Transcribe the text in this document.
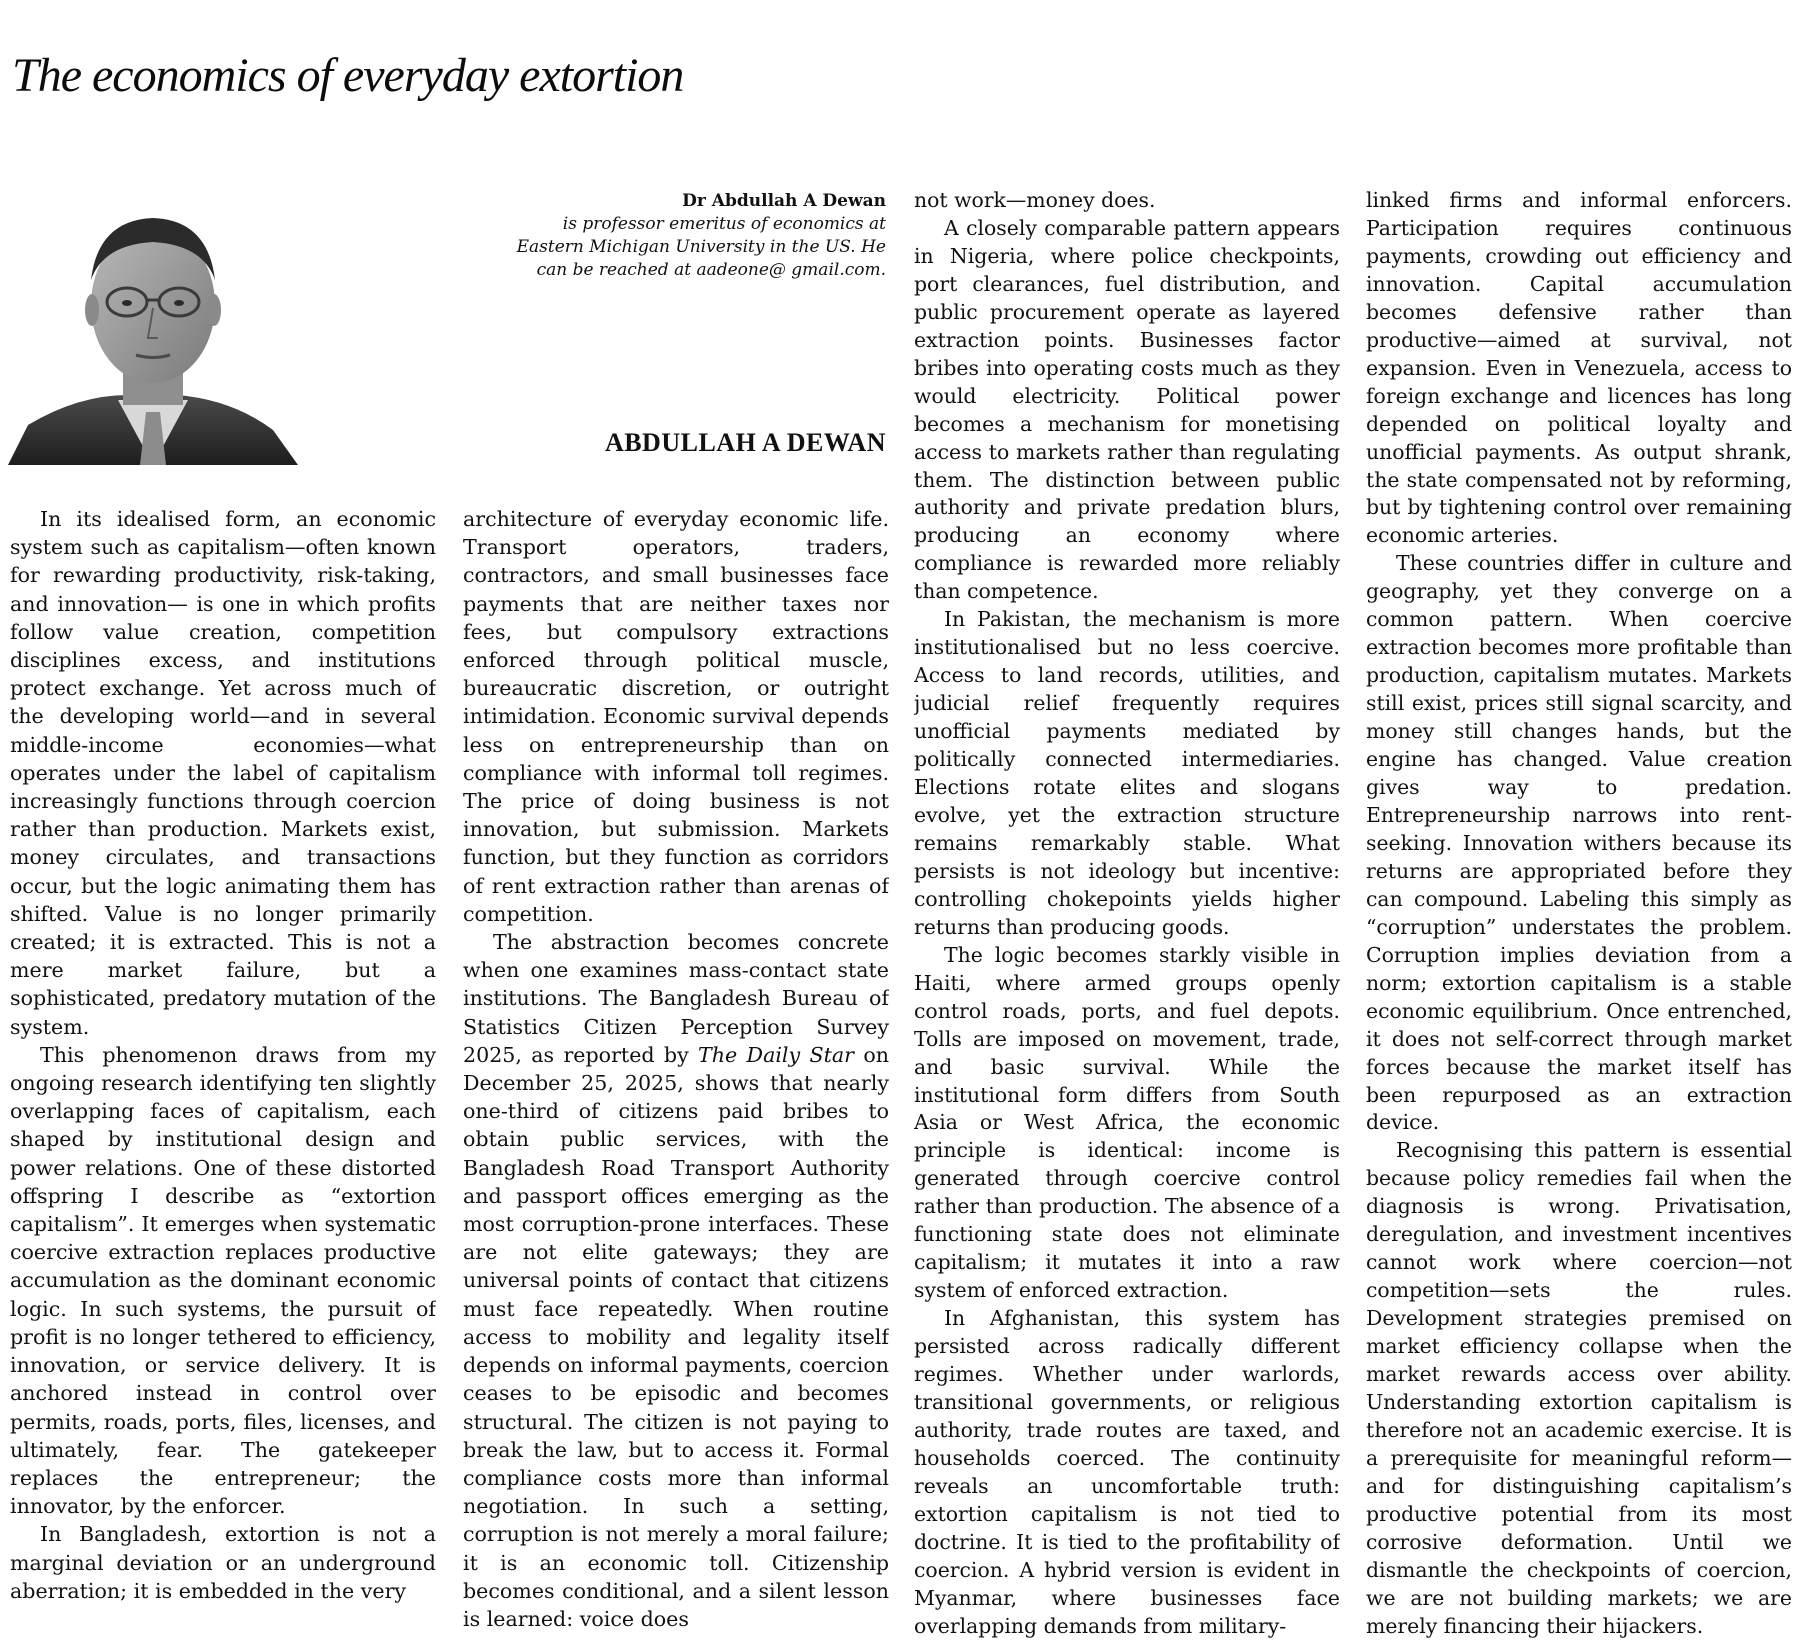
The economics of everyday extortion
Dr Abdullah A Dewan
is professor emeritus of economics at Eastern Michigan University in the US. He can be reached at aadeone@ gmail.com.
ABDULLAH A DEWAN

In its idealised form, an economic system such as capitalism—often known for rewarding productivity, risk-taking, and innovation— is one in which profits follow value creation, competition disciplines excess, and institutions protect exchange. Yet across much of the developing world—and in several middle-income economies—what operates under the label of capitalism increasingly functions through coercion rather than production. Markets exist, money circulates, and transactions occur, but the logic animating them has shifted. Value is no longer primarily created; it is extracted. This is not a mere market failure, but a sophisticated, predatory mutation of the system.

This phenomenon draws from my ongoing research identifying ten slightly overlapping faces of capitalism, each shaped by institutional design and power relations. One of these distorted offspring I describe as “extortion capitalism”. It emerges when systematic coercive extraction replaces productive accumulation as the dominant economic logic. In such systems, the pursuit of profit is no longer tethered to efficiency, innovation, or service delivery. It is anchored instead in control over permits, roads, ports, files, licenses, and ultimately, fear. The gatekeeper replaces the entrepreneur; the innovator, by the enforcer.

In Bangladesh, extortion is not a marginal deviation or an underground aberration; it is embedded in the very

architecture of everyday economic life. Transport operators, traders, contractors, and small businesses face payments that are neither taxes nor fees, but compulsory extractions enforced through political muscle, bureaucratic discretion, or outright intimidation. Economic survival depends less on entrepreneurship than on compliance with informal toll regimes. The price of doing business is not innovation, but submission. Markets function, but they function as corridors of rent extraction rather than arenas of competition.

The abstraction becomes concrete when one examines mass-contact state institutions. The Bangladesh Bureau of Statistics Citizen Perception Survey 2025, as reported by The Daily Star on December 25, 2025, shows that nearly one-third of citizens paid bribes to obtain public services, with the Bangladesh Road Transport Authority and passport offices emerging as the most corruption-prone interfaces. These are not elite gateways; they are universal points of contact that citizens must face repeatedly. When routine access to mobility and legality itself depends on informal payments, coercion ceases to be episodic and becomes structural. The citizen is not paying to break the law, but to access it. Formal compliance costs more than informal negotiation. In such a setting, corruption is not merely a moral failure; it is an economic toll. Citizenship becomes conditional, and a silent lesson is learned: voice does

not work—money does.

A closely comparable pattern appears in Nigeria, where police checkpoints, port clearances, fuel distribution, and public procurement operate as layered extraction points. Businesses factor bribes into operating costs much as they would electricity. Political power becomes a mechanism for monetising access to markets rather than regulating them. The distinction between public authority and private predation blurs, producing an economy where compliance is rewarded more reliably than competence.

In Pakistan, the mechanism is more institutionalised but no less coercive. Access to land records, utilities, and judicial relief frequently requires unofficial payments mediated by politically connected intermediaries. Elections rotate elites and slogans evolve, yet the extraction structure remains remarkably stable. What persists is not ideology but incentive: controlling chokepoints yields higher returns than producing goods.

The logic becomes starkly visible in Haiti, where armed groups openly control roads, ports, and fuel depots. Tolls are imposed on movement, trade, and basic survival. While the institutional form differs from South Asia or West Africa, the economic principle is identical: income is generated through coercive control rather than production. The absence of a functioning state does not eliminate capitalism; it mutates it into a raw system of enforced extraction.

In Afghanistan, this system has persisted across radically different regimes. Whether under warlords, transitional governments, or religious authority, trade routes are taxed, and households coerced. The continuity reveals an uncomfortable truth: extortion capitalism is not tied to doctrine. It is tied to the profitability of coercion. A hybrid version is evident in Myanmar, where businesses face overlapping demands from military-

linked firms and informal enforcers. Participation requires continuous payments, crowding out efficiency and innovation. Capital accumulation becomes defensive rather than productive—aimed at survival, not expansion. Even in Venezuela, access to foreign exchange and licences has long depended on political loyalty and unofficial payments. As output shrank, the state compensated not by reforming, but by tightening control over remaining economic arteries.

These countries differ in culture and geography, yet they converge on a common pattern. When coercive extraction becomes more profitable than production, capitalism mutates. Markets still exist, prices still signal scarcity, and money still changes hands, but the engine has changed. Value creation gives way to predation. Entrepreneurship narrows into rent-seeking. Innovation withers because its returns are appropriated before they can compound. Labeling this simply as “corruption” understates the problem. Corruption implies deviation from a norm; extortion capitalism is a stable economic equilibrium. Once entrenched, it does not self-correct through market forces because the market itself has been repurposed as an extraction device.

Recognising this pattern is essential because policy remedies fail when the diagnosis is wrong. Privatisation, deregulation, and investment incentives cannot work where coercion—not competition—sets the rules. Development strategies premised on market efficiency collapse when the market rewards access over ability. Understanding extortion capitalism is therefore not an academic exercise. It is a prerequisite for meaningful reform—and for distinguishing capitalism’s productive potential from its most corrosive deformation. Until we dismantle the checkpoints of coercion, we are not building markets; we are merely financing their hijackers.
